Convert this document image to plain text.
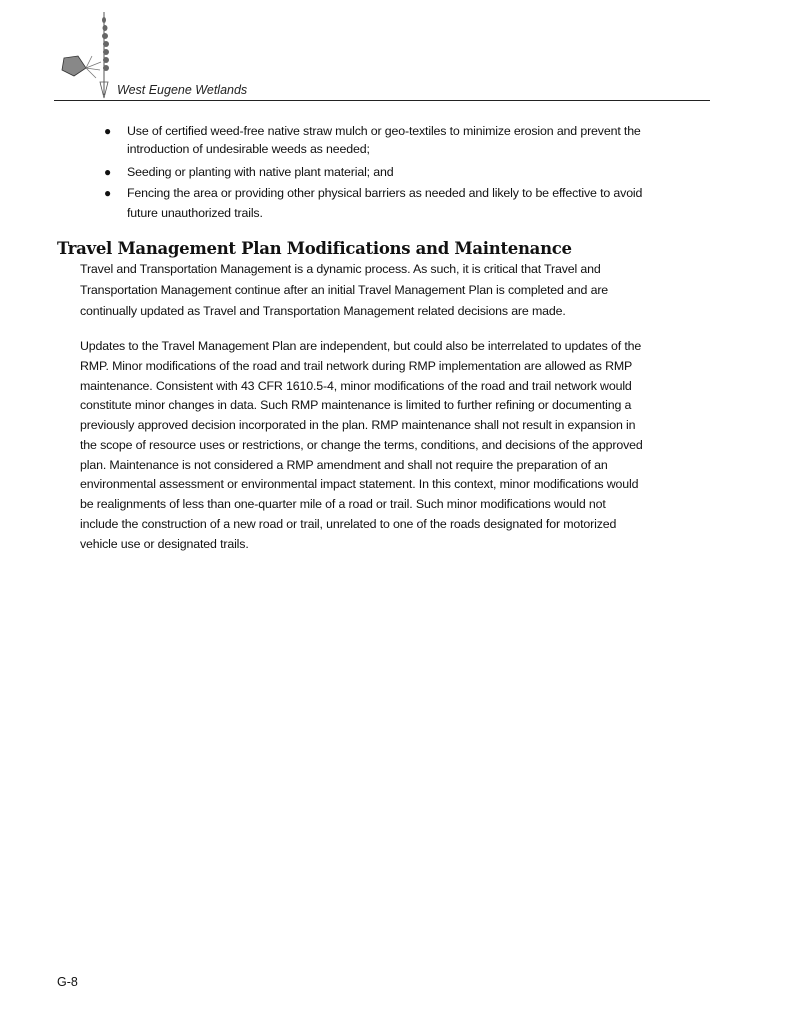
West Eugene Wetlands
● Use of certified weed-free native straw mulch or geo-textiles to minimize erosion and prevent the
introduction of undesirable weeds as needed;
● Seeding or planting with native plant material; and
● Fencing the area or providing other physical barriers as needed and likely to be effective to avoid
future unauthorized trails.
Travel Management Plan Modifications and Maintenance
Travel and Transportation Management is a dynamic process. As such, it is critical that Travel and
Transportation Management continue after an initial Travel Management Plan is completed and are
continually updated as Travel and Transportation Management related decisions are made.
Updates to the Travel Management Plan are independent, but could also be interrelated to updates of the
RMP. Minor modifications of the road and trail network during RMP implementation are allowed as RMP
maintenance. Consistent with 43 CFR 1610.5-4, minor modifications of the road and trail network would
constitute minor changes in data. Such RMP maintenance is limited to further refining or documenting a
previously approved decision incorporated in the plan. RMP maintenance shall not result in expansion in
the scope of resource uses or restrictions, or change the terms, conditions, and decisions of the approved
plan. Maintenance is not considered a RMP amendment and shall not require the preparation of an
environmental assessment or environmental impact statement. In this context, minor modifications would
be realignments of less than one-quarter mile of a road or trail. Such minor modifications would not
include the construction of a new road or trail, unrelated to one of the roads designated for motorized
vehicle use or designated trails.
G-8
